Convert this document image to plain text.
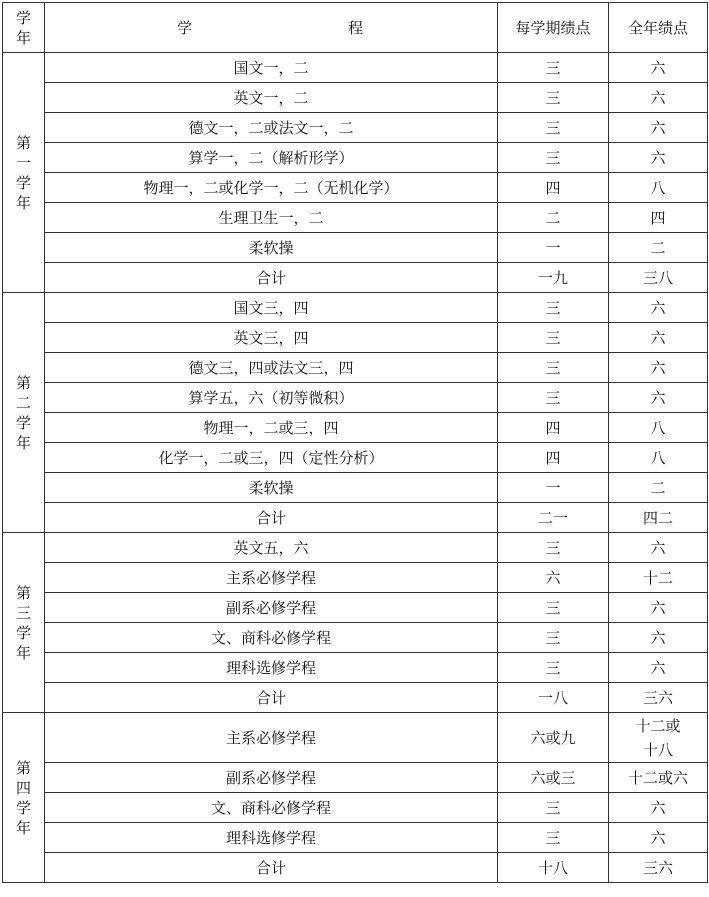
学
年	学 程	每学期绩点	全年绩点

第
一
学
年	国文一，二	三	六
	英文一，二	三	六
	德文一，二或法文一，二	三	六
	算学一，二（解析形学）	三	六
	物理一，二或化学一，二（无机化学）	四	八
	生理卫生一，二	二	四
	柔软操	一	二
	合计	一九	三八

第
二
学
年	国文三，四	三	六
	英文三，四	三	六
	德文三，四或法文三，四	三	六
	算学五，六（初等微积）	三	六
	物理一，二或三，四	四	八
	化学一，二或三，四（定性分析）	四	八
	柔软操	一	二
	合计	二一	四二

第
三
学
年	英文五，六	三	六
	主系必修学程	六	十二
	副系必修学程	三	六
	文、商科必修学程	三	六
	理科选修学程	三	六
	合计	一八	三六

第
四
学
年	主系必修学程	六或九	十二或
十八

	副系必修学程	六或三	十二或六
	文、商科必修学程	三	六
	理科选修学程	三	六
	合计	十八	三六
